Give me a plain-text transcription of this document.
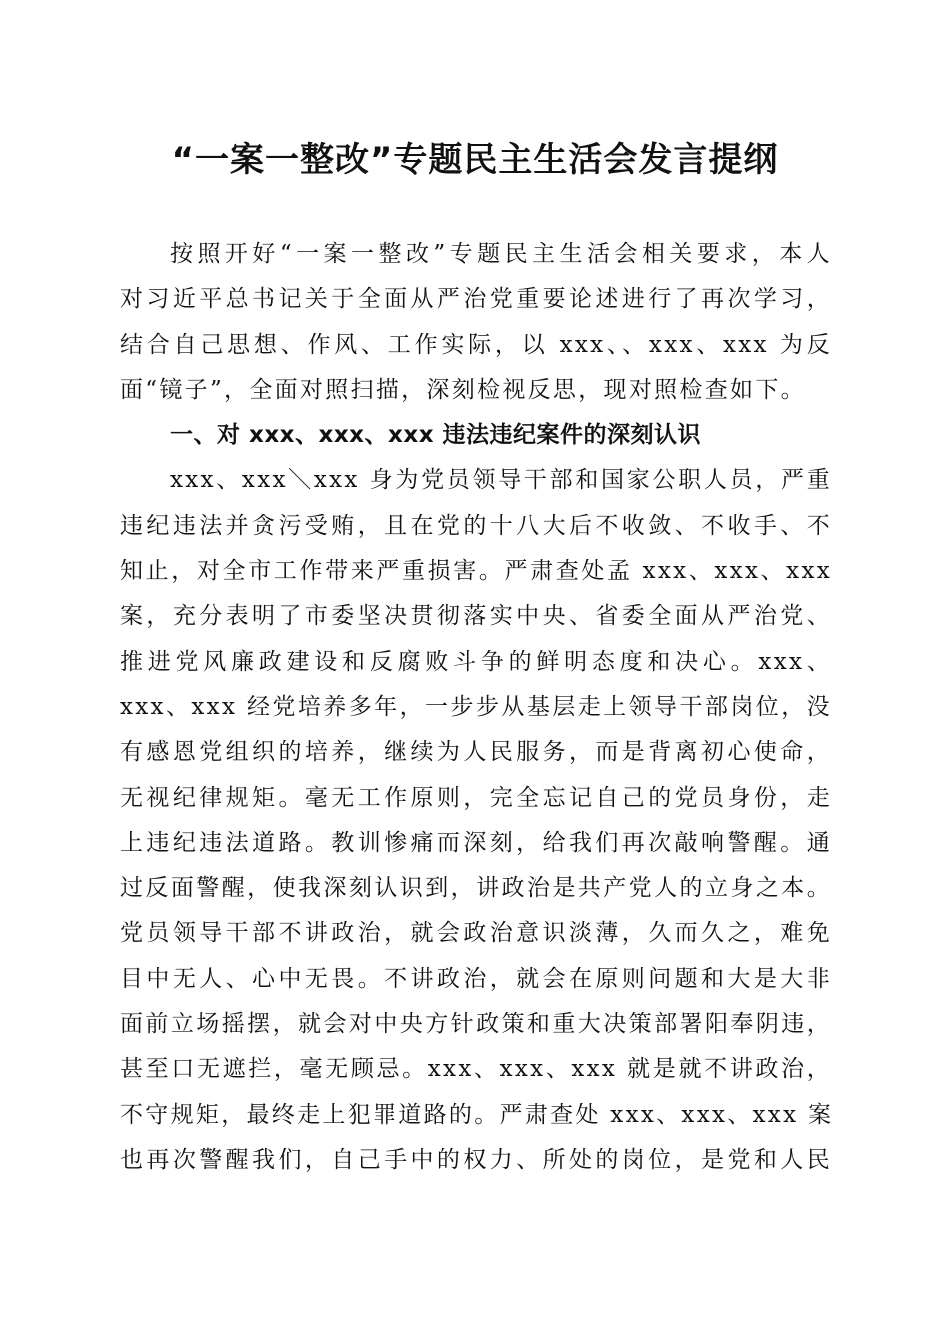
“一案一整改”专题民主生活会发言提纲
按照开好“一案一整改”专题民主生活会相关要求，本人
对习近平总书记关于全面从严治党重要论述进行了再次学习，
结合自己思想、作风、工作实际，以 xxx、、xxx、xxx 为反
面“镜子”，全面对照扫描，深刻检视反思，现对照检查如下。
一、对 xxx、xxx、xxx 违法违纪案件的深刻认识
xxx、xxx＼xxx 身为党员领导干部和国家公职人员，严重
违纪违法并贪污受贿，且在党的十八大后不收敛、不收手、不
知止，对全市工作带来严重损害。严肃查处孟 xxx、xxx、xxx
案，充分表明了市委坚决贯彻落实中央、省委全面从严治党、
推进党风廉政建设和反腐败斗争的鲜明态度和决心。xxx、
xxx、xxx 经党培养多年，一步步从基层走上领导干部岗位，没
有感恩党组织的培养，继续为人民服务，而是背离初心使命，
无视纪律规矩。毫无工作原则，完全忘记自己的党员身份，走
上违纪违法道路。教训惨痛而深刻，给我们再次敲响警醒。通
过反面警醒，使我深刻认识到，讲政治是共产党人的立身之本。
党员领导干部不讲政治，就会政治意识淡薄，久而久之，难免
目中无人、心中无畏。不讲政治，就会在原则问题和大是大非
面前立场摇摆，就会对中央方针政策和重大决策部署阳奉阴违，
甚至口无遮拦，毫无顾忌。xxx、xxx、xxx 就是就不讲政治，
不守规矩，最终走上犯罪道路的。严肃查处 xxx、xxx、xxx 案
也再次警醒我们，自己手中的权力、所处的岗位，是党和人民
